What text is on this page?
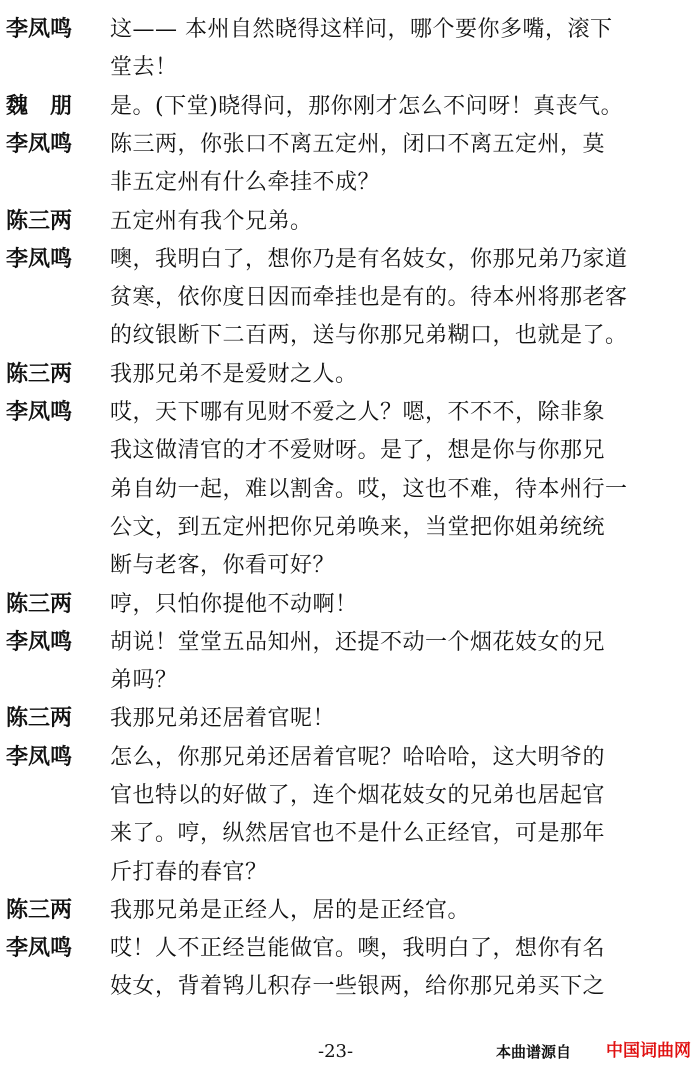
李凤鸣 这—— 本州自然晓得这样问，哪个要你多嘴，滚下
堂去！
魏　朋 是。(下堂)晓得问，那你刚才怎么不问呀！真丧气。
李凤鸣 陈三两，你张口不离五定州，闭口不离五定州，莫
非五定州有什么牵挂不成？
陈三两 五定州有我个兄弟。
李凤鸣 噢，我明白了，想你乃是有名妓女，你那兄弟乃家道
贫寒，依你度日因而牵挂也是有的。待本州将那老客
的纹银断下二百两，送与你那兄弟糊口，也就是了。
陈三两 我那兄弟不是爱财之人。
李凤鸣 哎，天下哪有见财不爱之人？嗯，不不不，除非象
我这做清官的才不爱财呀。是了，想是你与你那兄
弟自幼一起，难以割舍。哎，这也不难，待本州行一
公文，到五定州把你兄弟唤来，当堂把你姐弟统统
断与老客，你看可好？
陈三两 哼，只怕你提他不动啊！
李凤鸣 胡说！堂堂五品知州，还提不动一个烟花妓女的兄
弟吗？
陈三两 我那兄弟还居着官呢！
李凤鸣 怎么，你那兄弟还居着官呢？哈哈哈，这大明爷的
官也特以的好做了，连个烟花妓女的兄弟也居起官
来了。哼，纵然居官也不是什么正经官，可是那年
斤打春的春官？
陈三两 我那兄弟是正经人，居的是正经官。
李凤鸣 哎！人不正经岂能做官。噢，我明白了，想你有名
妓女，背着鸨儿积存一些银两，给你那兄弟买下之
-23-	本曲谱源自 中国词曲网
